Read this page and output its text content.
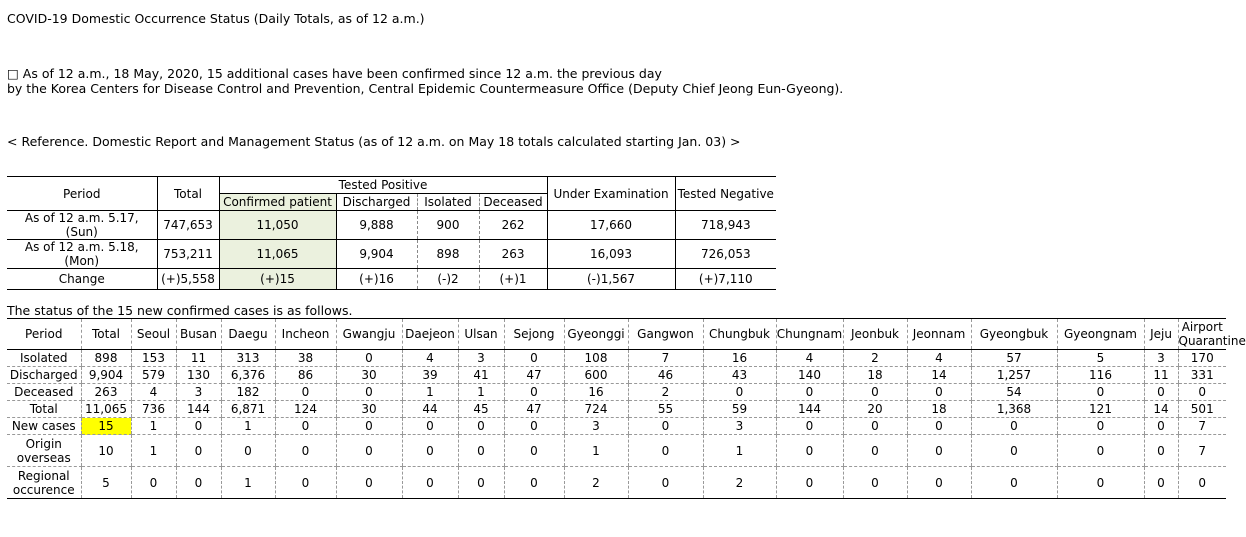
COVID-19 Domestic Occurrence Status (Daily Totals, as of 12 a.m.)
□ As of 12 a.m., 18 May, 2020, 15 additional cases have been confirmed since 12 a.m. the previous day
by the Korea Centers for Disease Control and Prevention, Central Epidemic Countermeasure Office (Deputy Chief Jeong Eun-Gyeong).
< Reference. Domestic Report and Management Status (as of 12 a.m. on May 18 totals calculated starting Jan. 03) >
Period	Total	Tested Positive				Under Examination	Tested Negative
		Confirmed patient	Discharged	Isolated	Deceased		
As of 12 a.m. 5.17, (Sun)	747,653	11,050	9,888	900	262	17,660	718,943
As of 12 a.m. 5.18, (Mon)	753,211	11,065	9,904	898	263	16,093	726,053
Change	(+)5,558	(+)15	(+)16	(-)2	(+)1	(-)1,567	(+)7,110
The status of the 15 new confirmed cases is as follows.
Period	Total	Seoul	Busan	Daegu	Incheon	Gwangju	Daejeon	Ulsan	Sejong	Gyeonggi	Gangwon	Chungbuk	Chungnam	Jeonbuk	Jeonnam	Gyeongbuk	Gyeongnam	Jeju	Airport
Quarantine

Isolated	898	153	11	313	38	0	4	3	0	108	7	16	4	2	4	57	5	3	170

Discharged	9,904	579	130	6,376	86	30	39	41	47	600	46	43	140	18	14	1,257	116	11	331

Deceased	263	4	3	182	0	0	1	1	0	16	2	0	0	0	0	54	0	0	0

Total	11,065	736	144	6,871	124	30	44	45	47	724	55	59	144	20	18	1,368	121	14	501

New cases	15	1	0	1	0	0	0	0	0	3	0	3	0	0	0	0	0	0	7

Origin
overseas	10	1	0	0	0	0	0	0	0	1	0	1	0	0	0	0	0	0	7

Regional
occurence	5	0	0	1	0	0	0	0	0	2	0	2	0	0	0	0	0	0	0
